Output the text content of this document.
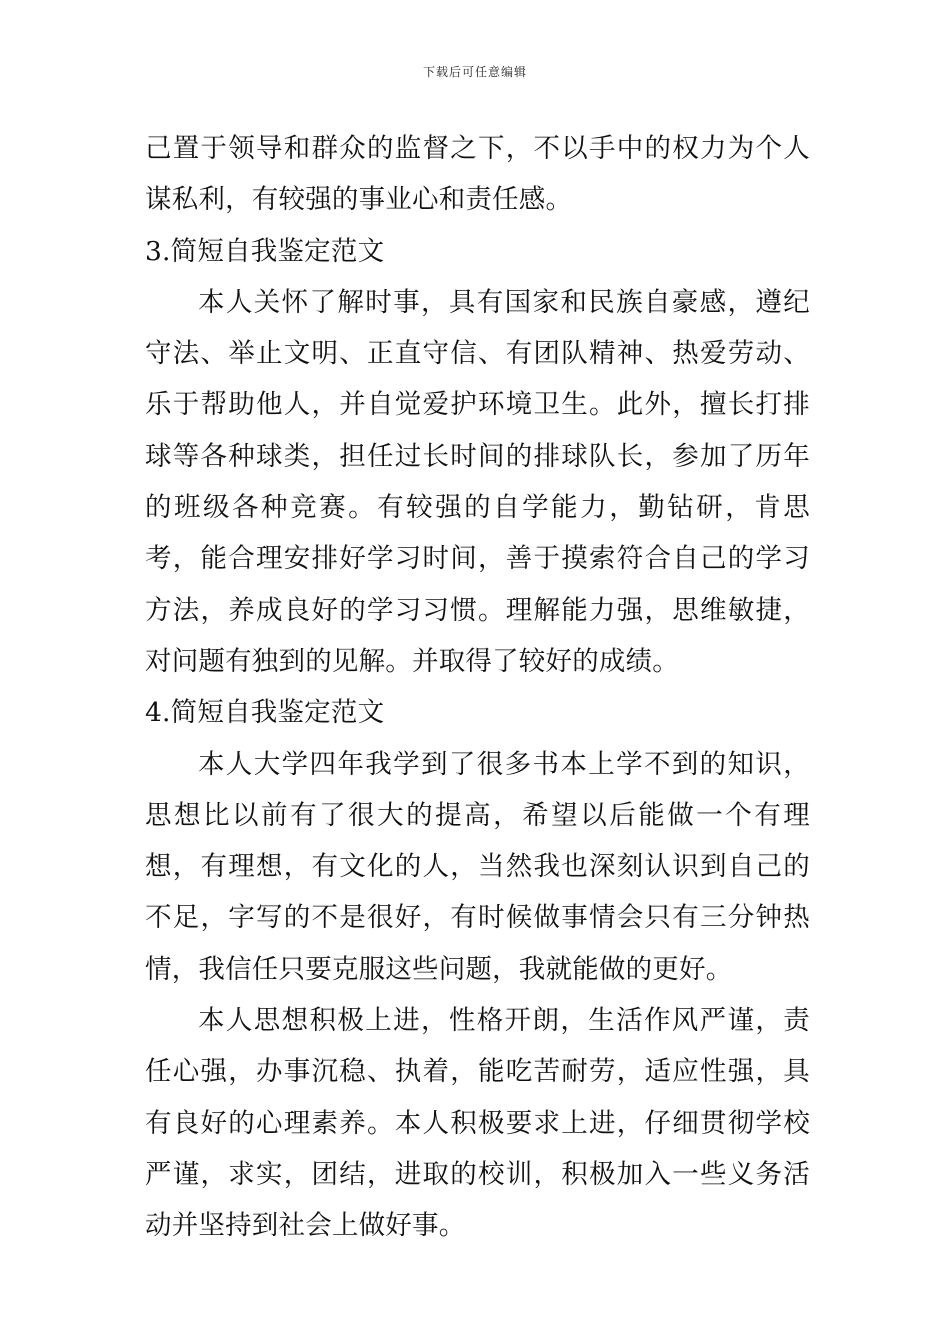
下载后可任意编辑

己置于领导和群众的监督之下，不以手中的权力为个人谋私利，有较强的事业心和责任感。

3.简短自我鉴定范文

本人关怀了解时事，具有国家和民族自豪感，遵纪守法、举止文明、正直守信、有团队精神、热爱劳动、乐于帮助他人，并自觉爱护环境卫生。此外，擅长打排球等各种球类，担任过长时间的排球队长，参加了历年的班级各种竞赛。有较强的自学能力，勤钻研，肯思考，能合理安排好学习时间，善于摸索符合自己的学习方法，养成良好的学习习惯。理解能力强，思维敏捷，对问题有独到的见解。并取得了较好的成绩。

4.简短自我鉴定范文

本人大学四年我学到了很多书本上学不到的知识，思想比以前有了很大的提高，希望以后能做一个有理想，有理想，有文化的人，当然我也深刻认识到自己的不足，字写的不是很好，有时候做事情会只有三分钟热情，我信任只要克服这些问题，我就能做的更好。

本人思想积极上进，性格开朗，生活作风严谨，责任心强，办事沉稳、执着，能吃苦耐劳，适应性强，具有良好的心理素养。本人积极要求上进，仔细贯彻学校严谨，求实，团结，进取的校训，积极加入一些义务活动并坚持到社会上做好事。
